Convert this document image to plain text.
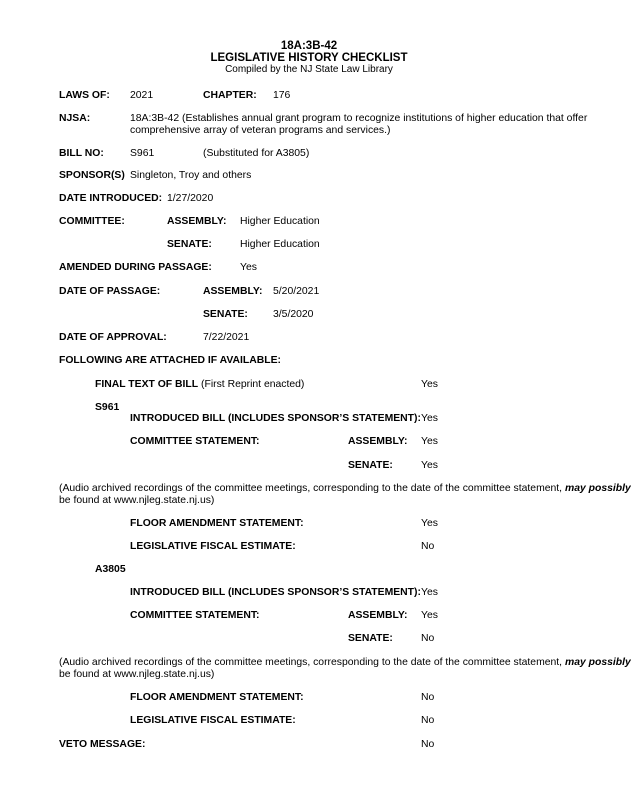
18A:3B-42
LEGISLATIVE HISTORY CHECKLIST
Compiled by the NJ State Law Library
LAWS OF: 2021	CHAPTER: 176
NJSA:	18A:3B-42 (Establishes annual grant program to recognize institutions of higher education that offer
comprehensive array of veteran programs and services.)
BILL NO:	S961	(Substituted for A3805)
SPONSOR(S) Singleton, Troy and others
DATE INTRODUCED: 1/27/2020
COMMITTEE:	ASSEMBLY: Higher Education
SENATE:	Higher Education
AMENDED DURING PASSAGE:	Yes
DATE OF PASSAGE:	ASSEMBLY: 5/20/2021
SENATE: 3/5/2020
DATE OF APPROVAL:	7/22/2021
FOLLOWING ARE ATTACHED IF AVAILABLE:
FINAL TEXT OF BILL (First Reprint enacted)	Yes
S961
INTRODUCED BILL (INCLUDES SPONSOR’S STATEMENT): Yes
COMMITTEE STATEMENT:	ASSEMBLY: Yes
SENATE:	Yes
(Audio archived recordings of the committee meetings, corresponding to the date of the committee statement, may possibly
be found at www.njleg.state.nj.us)
FLOOR AMENDMENT STATEMENT:	Yes
LEGISLATIVE FISCAL ESTIMATE:	No
A3805
INTRODUCED BILL (INCLUDES SPONSOR’S STATEMENT): Yes
COMMITTEE STATEMENT:	ASSEMBLY: Yes
SENATE:	No
(Audio archived recordings of the committee meetings, corresponding to the date of the committee statement, may possibly
be found at www.njleg.state.nj.us)
FLOOR AMENDMENT STATEMENT:	No
LEGISLATIVE FISCAL ESTIMATE:	No
VETO MESSAGE:	No
